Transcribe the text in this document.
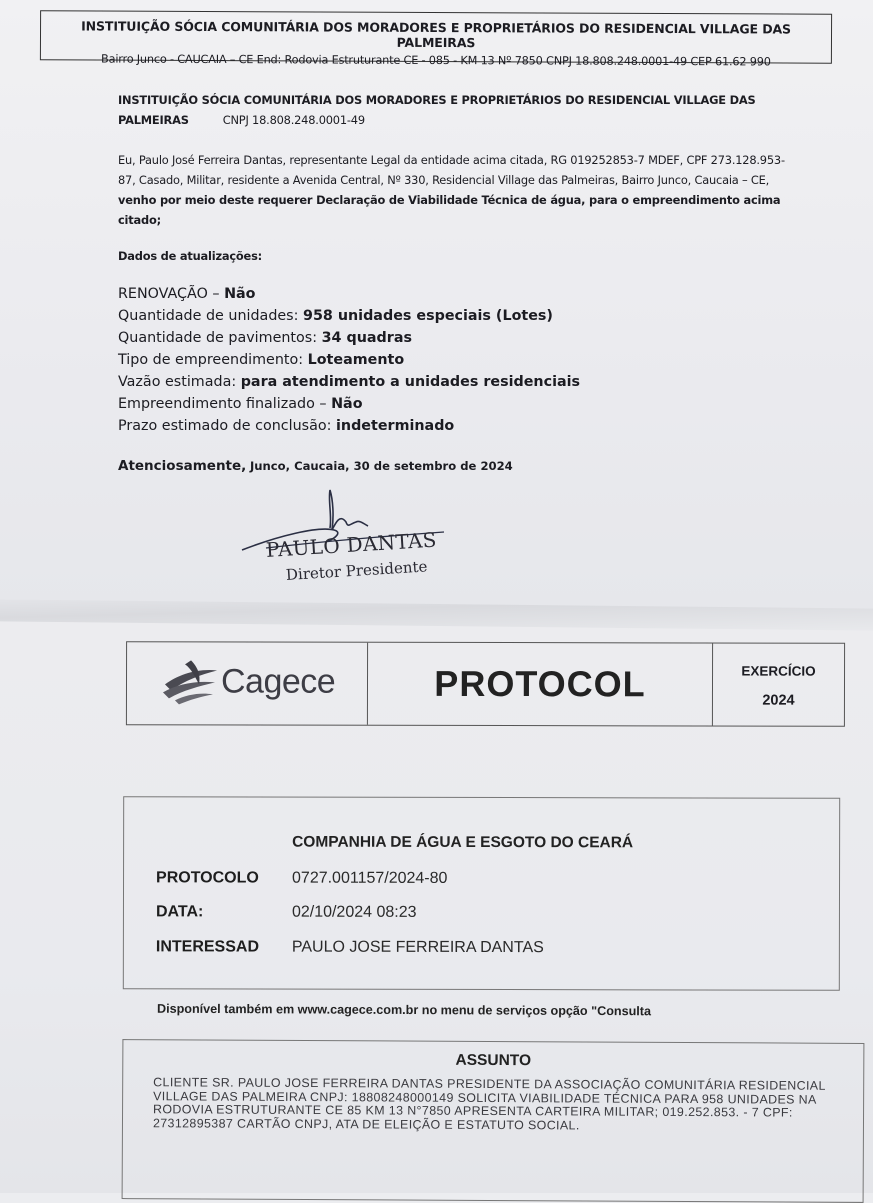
INSTITUIÇÃO SÓCIA COMUNITÁRIA DOS MORADORES E PROPRIETÁRIOS DO RESIDENCIAL VILLAGE DAS PALMEIRAS
Bairro Junco - CAUCAIA – CE End: Rodovia Estruturante CE - 085 - KM 13 Nº 7850 CNPJ 18.808.248.0001-49 CEP 61.62 990
INSTITUIÇÃO SÓCIA COMUNITÁRIA DOS MORADORES E PROPRIETÁRIOS DO RESIDENCIAL VILLAGE DAS PALMEIRAS	CNPJ 18.808.248.0001-49
Eu, Paulo José Ferreira Dantas, representante Legal da entidade acima citada, RG 019252853-7 MDEF, CPF 273.128.953-87, Casado, Militar, residente a Avenida Central, Nº 330, Residencial Village das Palmeiras, Bairro Junco, Caucaia – CE, venho por meio deste requerer Declaração de Viabilidade Técnica de água, para o empreendimento acima citado;
Dados de atualizações:
RENOVAÇÃO – Não
Quantidade de unidades: 958 unidades especiais (Lotes)
Quantidade de pavimentos: 34 quadras
Tipo de empreendimento: Loteamento
Vazão estimada: para atendimento a unidades residenciais
Empreendimento finalizado – Não
Prazo estimado de conclusão: indeterminado
Atenciosamente, Junco, Caucaia, 30 de setembro de 2024
PAULO DANTAS
Diretor Presidente
Cagece	PROTOCOL	EXERCÍCIO
2024
COMPANHIA DE ÁGUA E ESGOTO DO CEARÁ
PROTOCOLO 0727.001157/2024-80
DATA:	02/10/2024 08:23
INTERESSAD PAULO JOSE FERREIRA DANTAS
Disponível também em www.cagece.com.br no menu de serviços opção "Consulta
ASSUNTO
CLIENTE SR. PAULO JOSE FERREIRA DANTAS PRESIDENTE DA ASSOCIAÇÃO COMUNITÁRIA RESIDENCIAL VILLAGE DAS PALMEIRA CNPJ: 18808248000149 SOLICITA VIABILIDADE TÉCNICA PARA 958 UNIDADES NA RODOVIA ESTRUTURANTE CE 85 KM 13 N°7850 APRESENTA CARTEIRA MILITAR; 019.252.853. - 7 CPF: 27312895387 CARTÃO CNPJ, ATA DE ELEIÇÃO E ESTATUTO SOCIAL.
